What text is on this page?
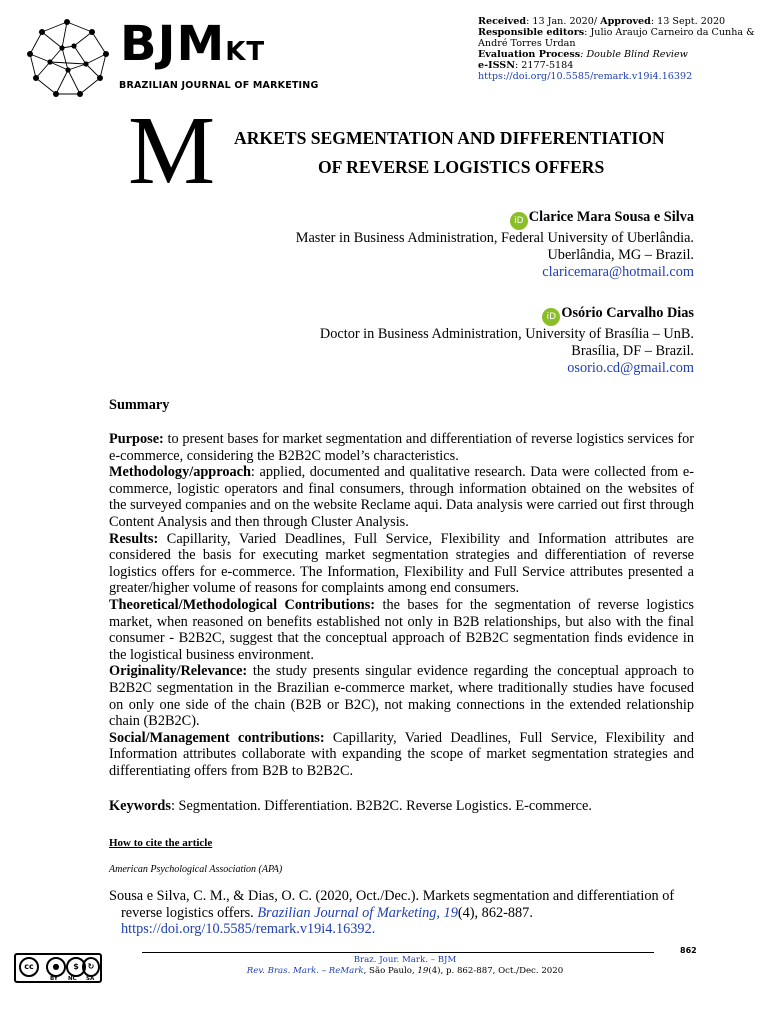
BJMKT
BRAZILIAN JOURNAL OF MARKETING
Received: 13 Jan. 2020/ Approved: 13 Sept. 2020
Responsible editors: Julio Araujo Carneiro da Cunha & André Torres Urdan
Evaluation Process: Double Blind Review
e-ISSN: 2177-5184
https://doi.org/10.5585/remark.v19i4.16392
M ARKETS SEGMENTATION AND DIFFERENTIATION
OF REVERSE LOGISTICS OFFERS
iD Clarice Mara Sousa e Silva
Master in Business Administration, Federal University of Uberlândia.
Uberlândia, MG – Brazil.
claricemara@hotmail.com
iD Osório Carvalho Dias
Doctor in Business Administration, University of Brasília – UnB.
Brasília, DF – Brazil.
osorio.cd@gmail.com
Summary

Purpose: to present bases for market segmentation and differentiation of reverse logistics services for e-commerce, considering the B2B2C model’s characteristics.

Methodology/approach: applied, documented and qualitative research. Data were collected from e-commerce, logistic operators and final consumers, through information obtained on the websites of the surveyed companies and on the website Reclame aqui. Data analysis were carried out first through Content Analysis and then through Cluster Analysis.

Results: Capillarity, Varied Deadlines, Full Service, Flexibility and Information attributes are considered the basis for executing market segmentation strategies and differentiation of reverse logistics offers for e-commerce. The Information, Flexibility and Full Service attributes presented a greater/higher volume of reasons for complaints among end consumers.

Theoretical/Methodological Contributions: the bases for the segmentation of reverse logistics market, when reasoned on benefits established not only in B2B relationships, but also with the final consumer - B2B2C, suggest that the conceptual approach of B2B2C segmentation finds evidence in the logistical business environment.

Originality/Relevance: the study presents singular evidence regarding the conceptual approach to B2B2C segmentation in the Brazilian e-commerce market, where traditionally studies have focused on only one side of the chain (B2B or B2C), not making connections in the extended relationship chain (B2B2C).

Social/Management contributions: Capillarity, Varied Deadlines, Full Service, Flexibility and Information attributes collaborate with expanding the scope of market segmentation strategies and differentiating offers from B2B to B2B2C.

Keywords: Segmentation. Differentiation. B2B2C. Reverse Logistics. E-commerce.
How to cite the article
American Psychological Association (APA)
Sousa e Silva, C. M., & Dias, O. C. (2020, Oct./Dec.). Markets segmentation and differentiation of
reverse logistics offers. Brazilian Journal of Marketing, 19(4), 862-887.
https://doi.org/10.5585/remark.v19i4.16392.
862
cc	●	$	↻
BY NC SA
Braz. Jour. Mark. – BJM
Rev. Bras. Mark. – ReMark, São Paulo, 19(4), p. 862-887, Oct./Dec. 2020
